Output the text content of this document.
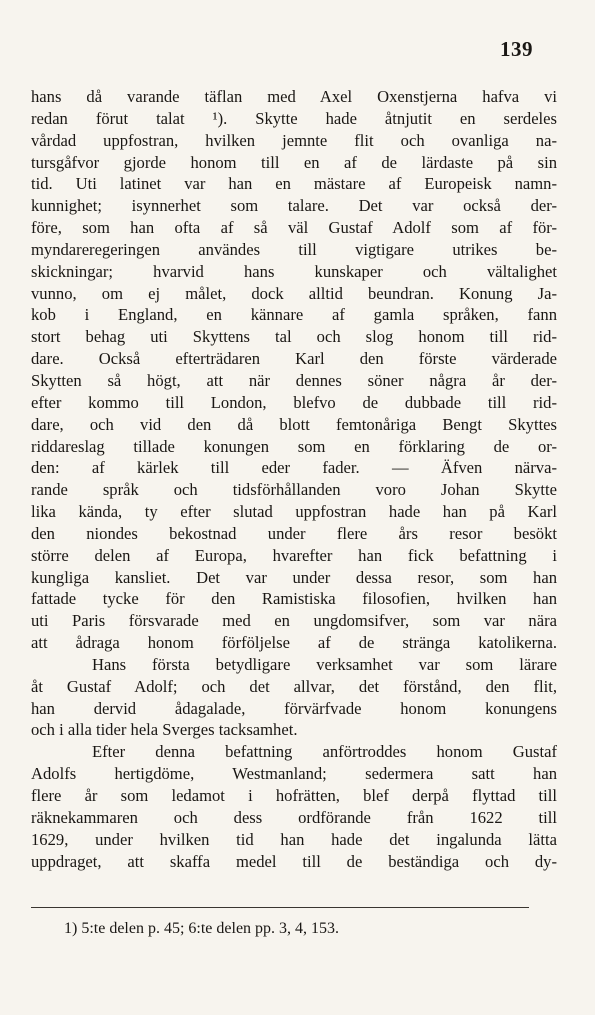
139
hans då varande täflan med Axel Oxenstjerna hafva vi
redan förut talat ¹). Skytte hade åtnjutit en serdeles
vårdad uppfostran, hvilken jemnte flit och ovanliga na-
tursgåfvor gjorde honom till en af de lärdaste på sin
tid. Uti latinet var han en mästare af Europeisk namn-
kunnighet; isynnerhet som talare. Det var också der-
före, som han ofta af så väl Gustaf Adolf som af för-
myndareregeringen användes till vigtigare utrikes be-
skickningar; hvarvid hans kunskaper och vältalighet
vunno, om ej målet, dock alltid beundran. Konung Ja-
kob i England, en kännare af gamla språken, fann
stort behag uti Skyttens tal och slog honom till rid-
dare. Också efterträdaren Karl den förste värderade
Skytten så högt, att när dennes söner några år der-
efter kommo till London, blefvo de dubbade till rid-
dare, och vid den då blott femtonåriga Bengt Skyttes
riddareslag tillade konungen som en förklaring de or-
den: af kärlek till eder fader. — Äfven närva-
rande språk och tidsförhållanden voro Johan Skytte
lika kända, ty efter slutad uppfostran hade han på Karl
den niondes bekostnad under flere års resor besökt
större delen af Europa, hvarefter han fick befattning i
kungliga kansliet. Det var under dessa resor, som han
fattade tycke för den Ramistiska filosofien, hvilken han
uti Paris försvarade med en ungdomsifver, som var nära
att ådraga honom förföljelse af de stränga katolikerna.
Hans första betydligare verksamhet var som lärare
åt Gustaf Adolf; och det allvar, det förstånd, den flit,
han dervid ådagalade, förvärfvade honom konungens
och i alla tider hela Sverges tacksamhet.
Efter denna befattning anförtroddes honom Gustaf
Adolfs hertigdöme, Westmanland; sedermera satt han
flere år som ledamot i hofrätten, blef derpå flyttad till
räknekammaren och dess ordförande från 1622 till
1629, under hvilken tid han hade det ingalunda lätta
uppdraget, att skaffa medel till de beständiga och dy-
1) 5:te delen p. 45; 6:te delen pp. 3, 4, 153.
